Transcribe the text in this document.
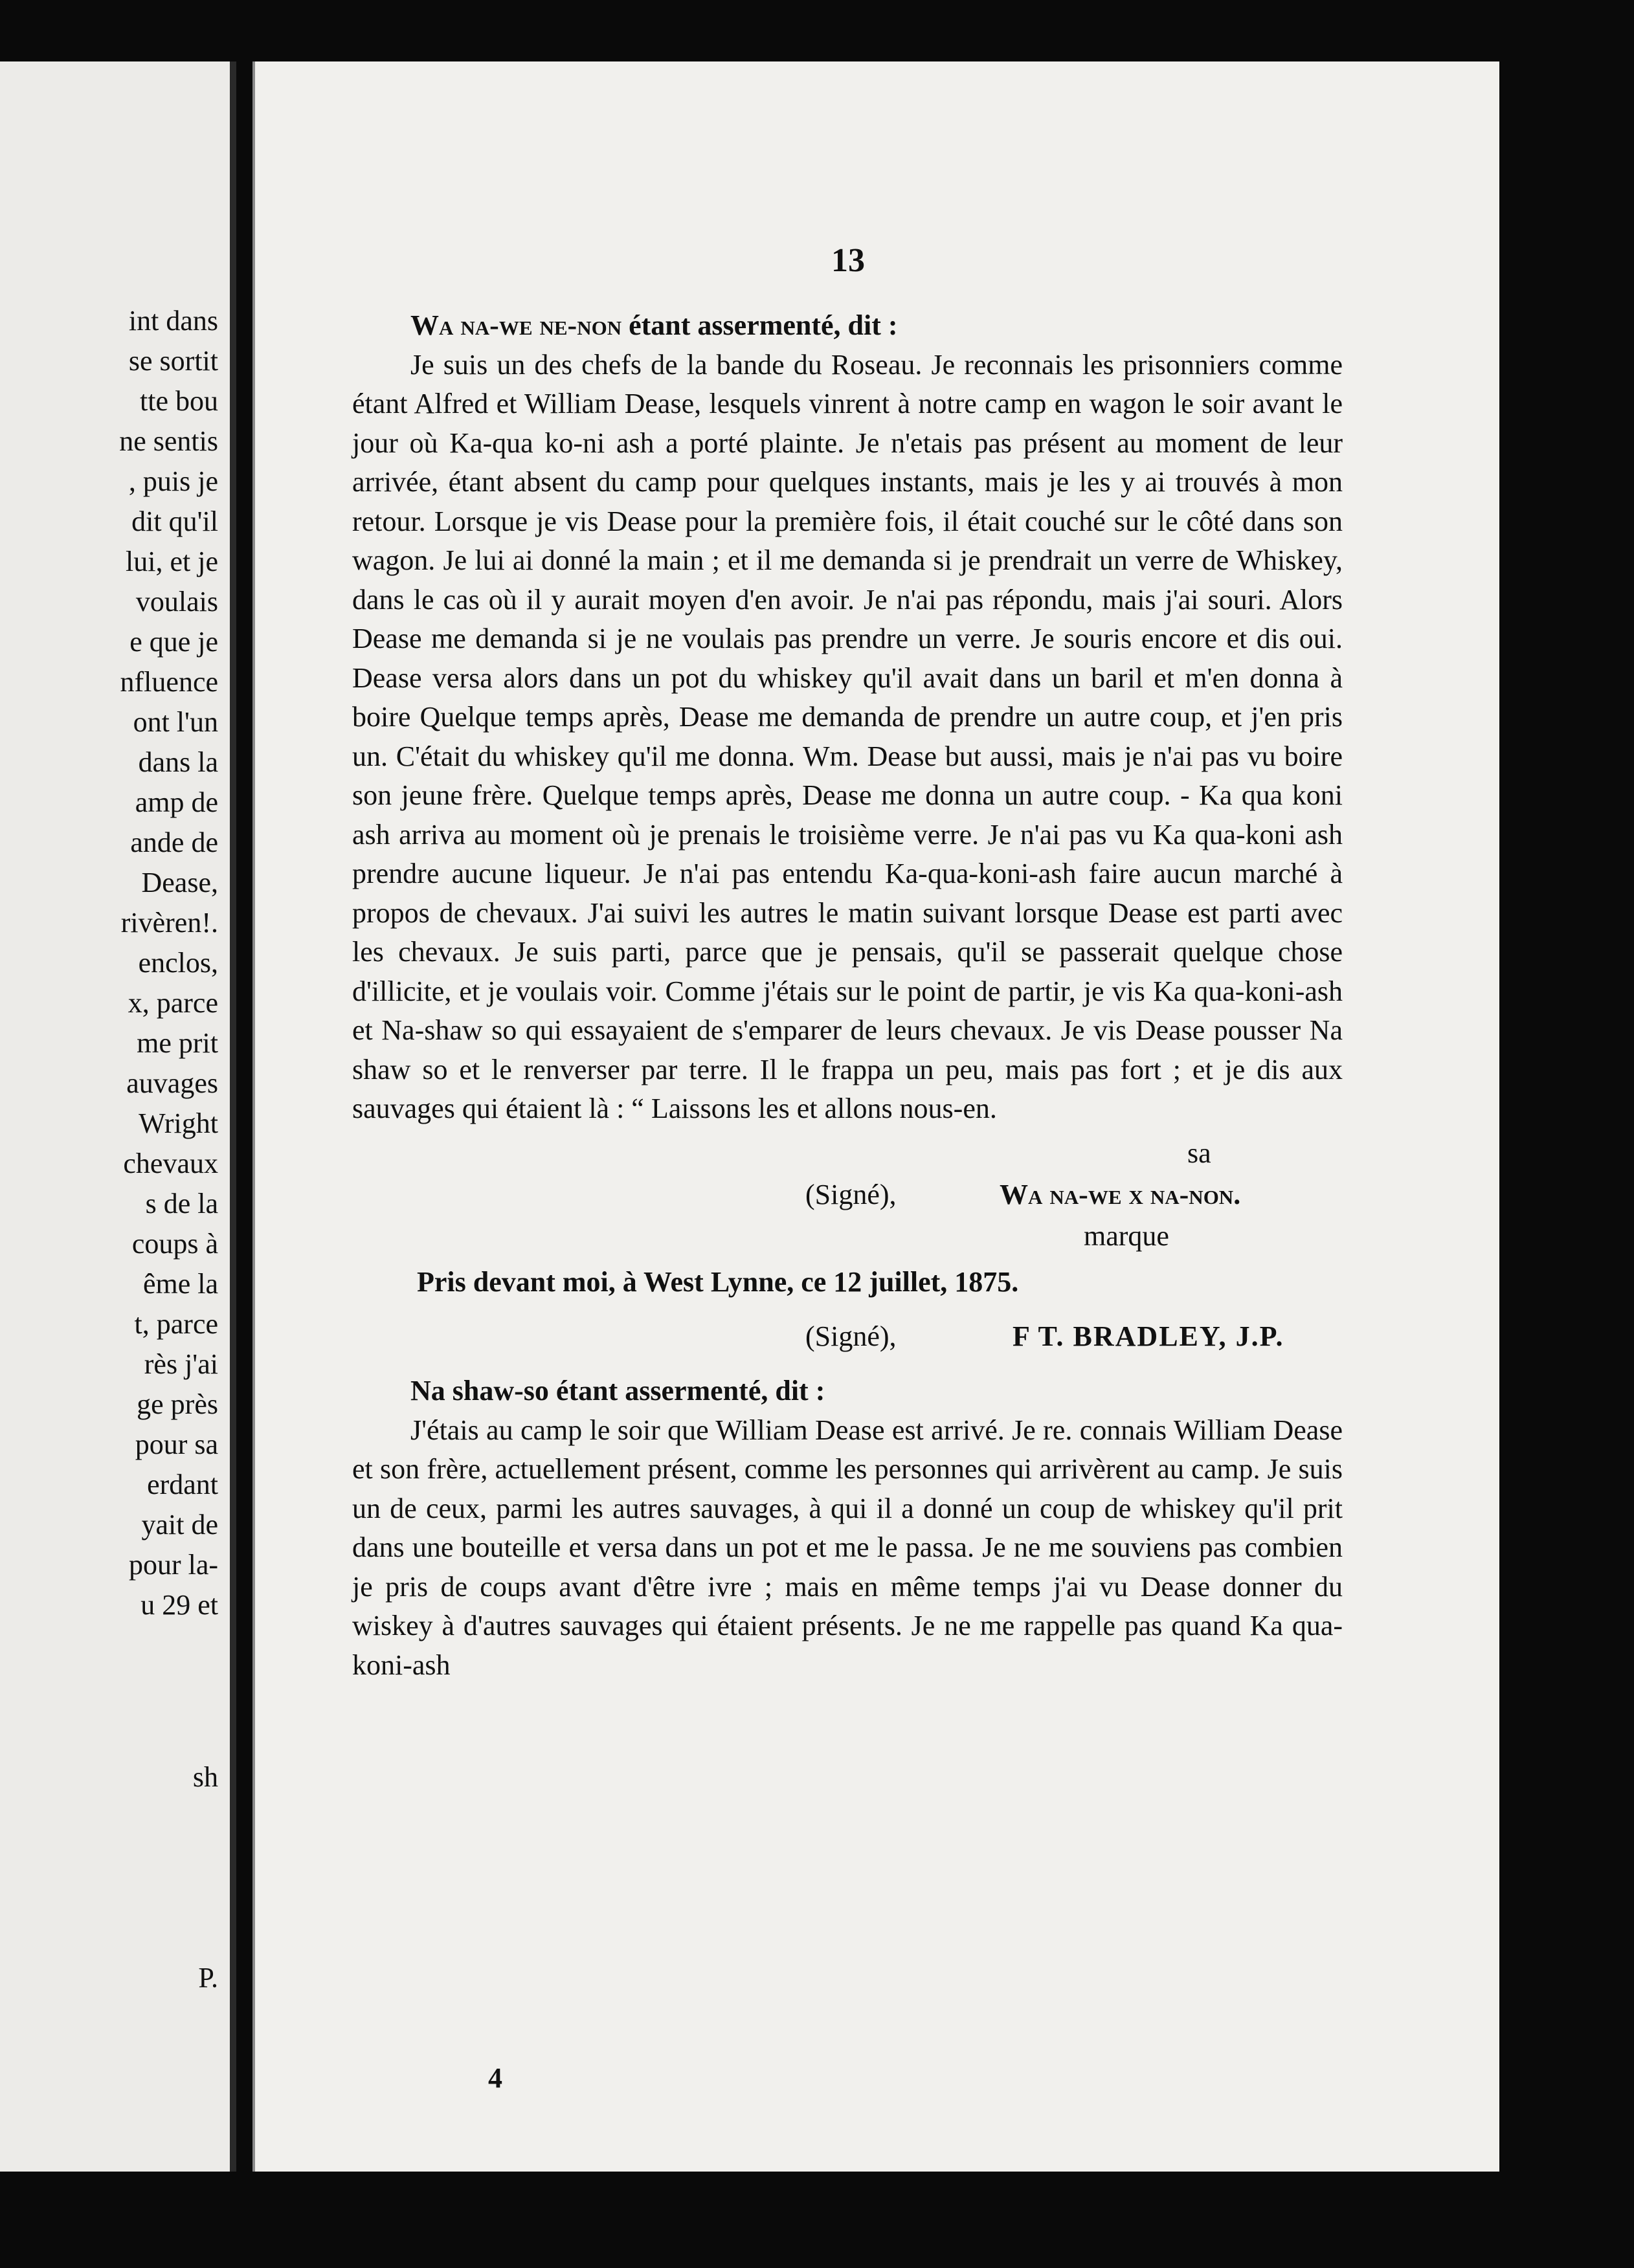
int dans
se sortit
tte bou
ne sentis
, puis je
dit qu'il
lui, et je
voulais
e que je
nfluence
ont l'un
dans la
amp de
ande de
Dease,
rivèren!.
enclos,
x, parce
me prit
auvages
Wright
chevaux
s de la
coups à
ême la
t, parce
rès j'ai
ge près
pour sa
erdant
yait de
pour la-
u 29 et
sh
P.
13

Wa na-we ne-non étant assermenté, dit :

Je suis un des chefs de la bande du Roseau. Je reconnais les prisonniers comme étant Alfred et William Dease, lesquels vinrent à notre camp en wagon le soir avant le jour où Ka-qua ko-ni ash a porté plainte. Je n'etais pas présent au moment de leur arrivée, étant absent du camp pour quelques instants, mais je les y ai trouvés à mon retour. Lorsque je vis Dease pour la première fois, il était couché sur le côté dans son wagon. Je lui ai donné la main ; et il me demanda si je prendrait un verre de Whiskey, dans le cas où il y aurait moyen d'en avoir. Je n'ai pas répondu, mais j'ai souri. Alors Dease me demanda si je ne voulais pas prendre un verre. Je souris encore et dis oui. Dease versa alors dans un pot du whiskey qu'il avait dans un baril et m'en donna à boire Quelque temps après, Dease me demanda de prendre un autre coup, et j'en pris un. C'était du whiskey qu'il me donna. Wm. Dease but aussi, mais je n'ai pas vu boire son jeune frère. Quelque temps après, Dease me donna un autre coup. - Ka qua koni ash arriva au moment où je prenais le troisième verre. Je n'ai pas vu Ka qua-koni ash prendre aucune liqueur. Je n'ai pas entendu Ka-qua-koni-ash faire aucun marché à propos de chevaux. J'ai suivi les autres le matin suivant lorsque Dease est parti avec les chevaux. Je suis parti, parce que je pensais, qu'il se passerait quelque chose d'illicite, et je voulais voir. Comme j'étais sur le point de partir, je vis Ka qua-koni-ash et Na-shaw so qui essayaient de s'emparer de leurs chevaux. Je vis Dease pousser Na shaw so et le renverser par terre. Il le frappa un peu, mais pas fort ; et je dis aux sauvages qui étaient là : “ Laissons les et allons nous-en.

sa
(Signé),	Wa na-we x na-non.
marque

Pris devant moi, à West Lynne, ce 12 juillet, 1875.

(Signé),	F T. BRADLEY, J.P.

Na shaw-so étant assermenté, dit :

J'étais au camp le soir que William Dease est arrivé. Je re. connais William Dease et son frère, actuellement présent, comme les personnes qui arrivèrent au camp. Je suis un de ceux, parmi les autres sauvages, à qui il a donné un coup de whiskey qu'il prit dans une bouteille et versa dans un pot et me le passa. Je ne me souviens pas combien je pris de coups avant d'être ivre ; mais en même temps j'ai vu Dease donner du wiskey à d'autres sauvages qui étaient présents. Je ne me rappelle pas quand Ka qua-koni-ash

4
